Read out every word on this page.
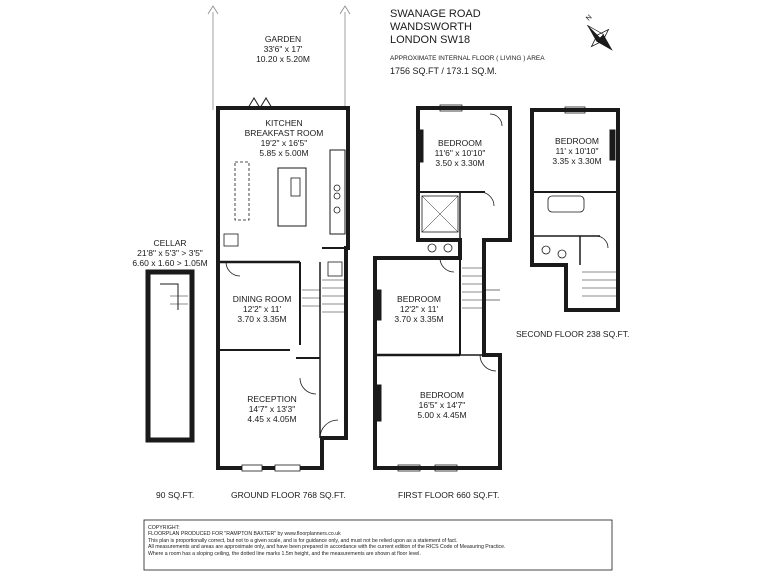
N
SWANAGE ROAD
WANDSWORTH
LONDON SW18
APPROXIMATE INTERNAL FLOOR ( LIVING ) AREA
1756 SQ.FT / 173.1 SQ.M.
GARDEN
33'6" x 17'
10.20 x 5.20M
KITCHEN
BREAKFAST ROOM
19'2" x 16'5"
5.85 x 5.00M
CELLAR
21'8" x 5'3" > 3'5"
6.60 x 1.60 > 1.05M
DINING ROOM
12'2" x 11'
3.70 x 3.35M
RECEPTION
14'7" x 13'3"
4.45 x 4.05M
BEDROOM
11'6" x 10'10"
3.50 x 3.30M
BEDROOM
12'2" x 11'
3.70 x 3.35M
BEDROOM
16'5" x 14'7"
5.00 x 4.45M
BEDROOM
11' x 10'10"
3.35 x 3.30M
90 SQ.FT.	GROUND FLOOR 768 SQ.FT.	FIRST FLOOR 660 SQ.FT.
SECOND FLOOR 238 SQ.FT.
COPYRIGHT:
FLOORPLAN PRODUCED FOR "RAMPTON BAXTER" by www.floorplanners.co.uk
This plan is proportionally correct, but not to a given scale, and is for guidance only, and must not be relied upon as a statement of fact.
All measurements and areas are approximate only, and have been prepared in accordance with the current edition of the RICS Code of Measuring Practice.
Where a room has a sloping ceiling, the dotted line marks 1.5m height, and the measurements are shown at floor level.
